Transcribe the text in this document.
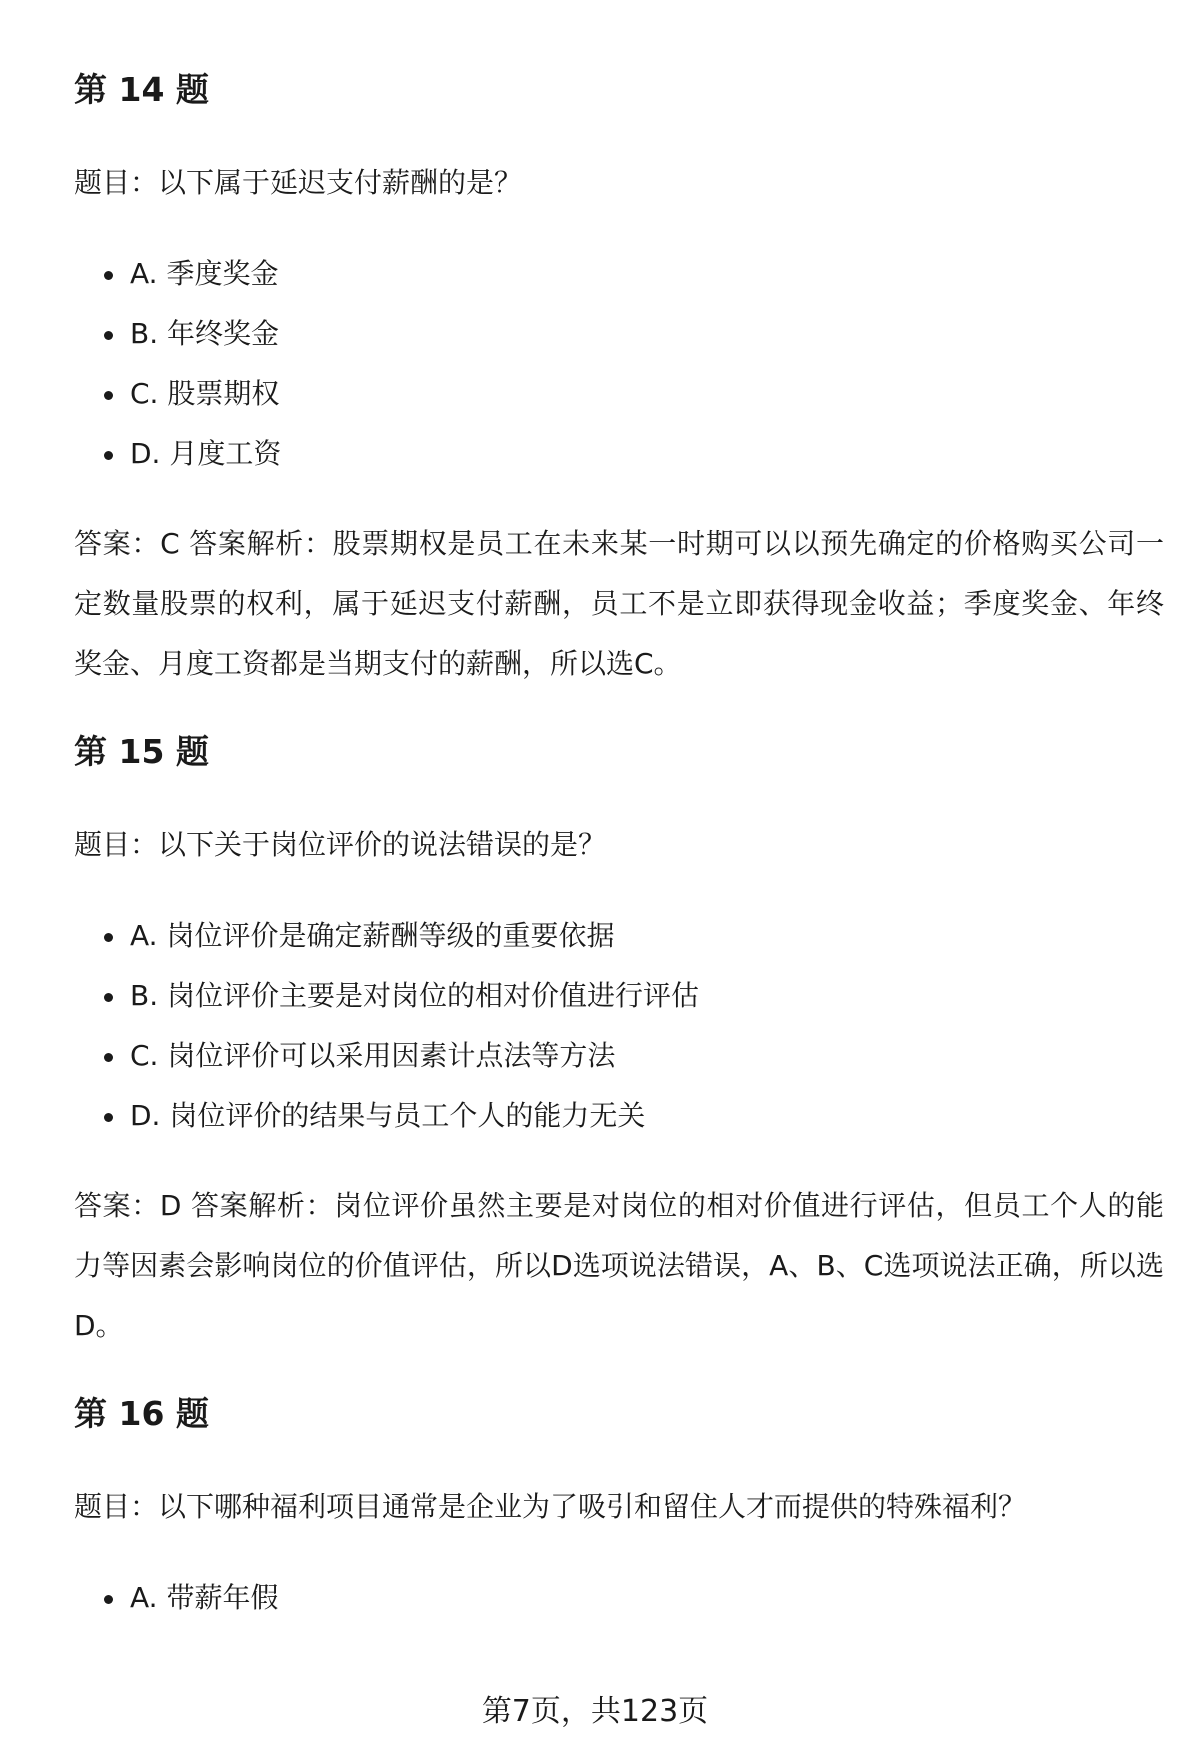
第 14 题

题目：以下属于延迟支付薪酬的是？

A. 季度奖金
B. 年终奖金
C. 股票期权
D. 月度工资

答案：C 答案解析：股票期权是员工在未来某一时期可以以预先确定的价格购买公司一定数量股票的权利，属于延迟支付薪酬，员工不是立即获得现金收益；季度奖金、年终奖金、月度工资都是当期支付的薪酬，所以选C。

第 15 题

题目：以下关于岗位评价的说法错误的是？

A. 岗位评价是确定薪酬等级的重要依据
B. 岗位评价主要是对岗位的相对价值进行评估
C. 岗位评价可以采用因素计点法等方法
D. 岗位评价的结果与员工个人的能力无关

答案：D 答案解析：岗位评价虽然主要是对岗位的相对价值进行评估，但员工个人的能力等因素会影响岗位的价值评估，所以D选项说法错误，A、B、C选项说法正确，所以选D。

第 16 题

题目：以下哪种福利项目通常是企业为了吸引和留住人才而提供的特殊福利？

A. 带薪年假
第7页，共123页
